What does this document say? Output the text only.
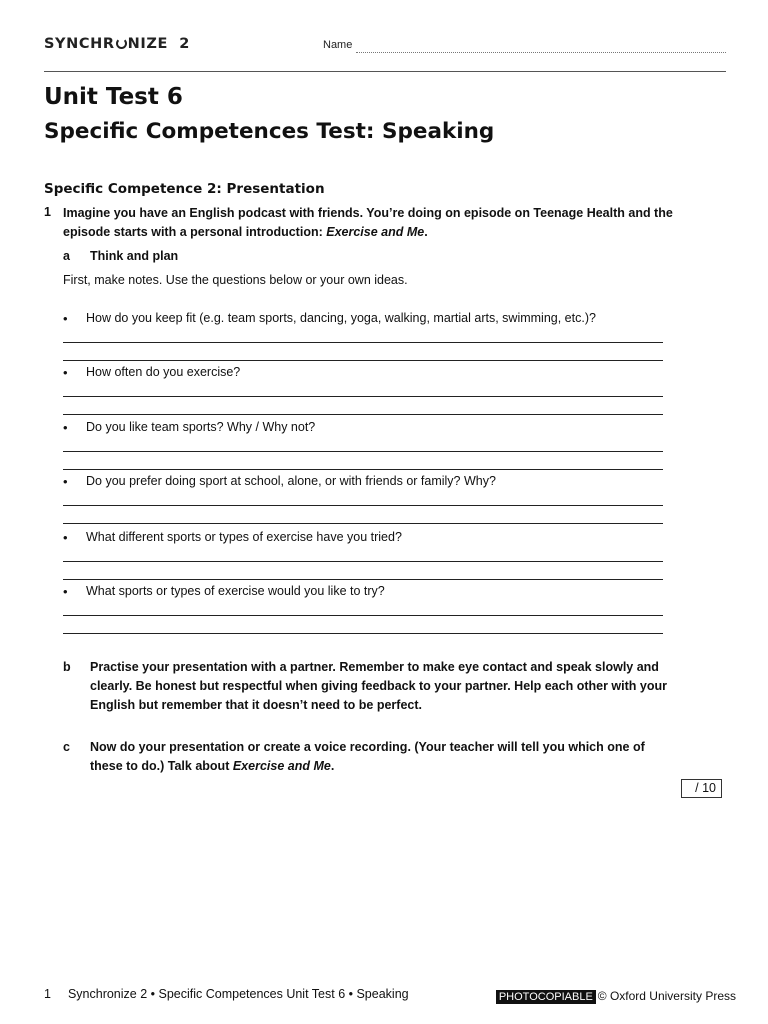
SYNCHR NIZE  2	Name
Unit Test 6
Specific Competences Test: Speaking
Specific Competence 2: Presentation
1 Imagine you have an English podcast with friends. You’re doing on episode on Teenage Health and the episode starts with a personal introduction: Exercise and Me.
a Think and plan
First, make notes. Use the questions below or your own ideas.
• How do you keep fit (e.g. team sports, dancing, yoga, walking, martial arts, swimming, etc.)?
• How often do you exercise?
• Do you like team sports? Why / Why not?
• Do you prefer doing sport at school, alone, or with friends or family? Why?
• What different sports or types of exercise have you tried?
• What sports or types of exercise would you like to try?
b Practise your presentation with a partner. Remember to make eye contact and speak slowly and clearly. Be honest but respectful when giving feedback to your partner. Help each other with your English but remember that it doesn’t need to be perfect.
c Now do your presentation or create a voice recording. (Your teacher will tell you which one of these to do.) Talk about Exercise and Me.
/ 10
1 Synchronize 2 • Specific Competences Unit Test 6 • Speaking	PHOTOCOPIABLE © Oxford University Press
